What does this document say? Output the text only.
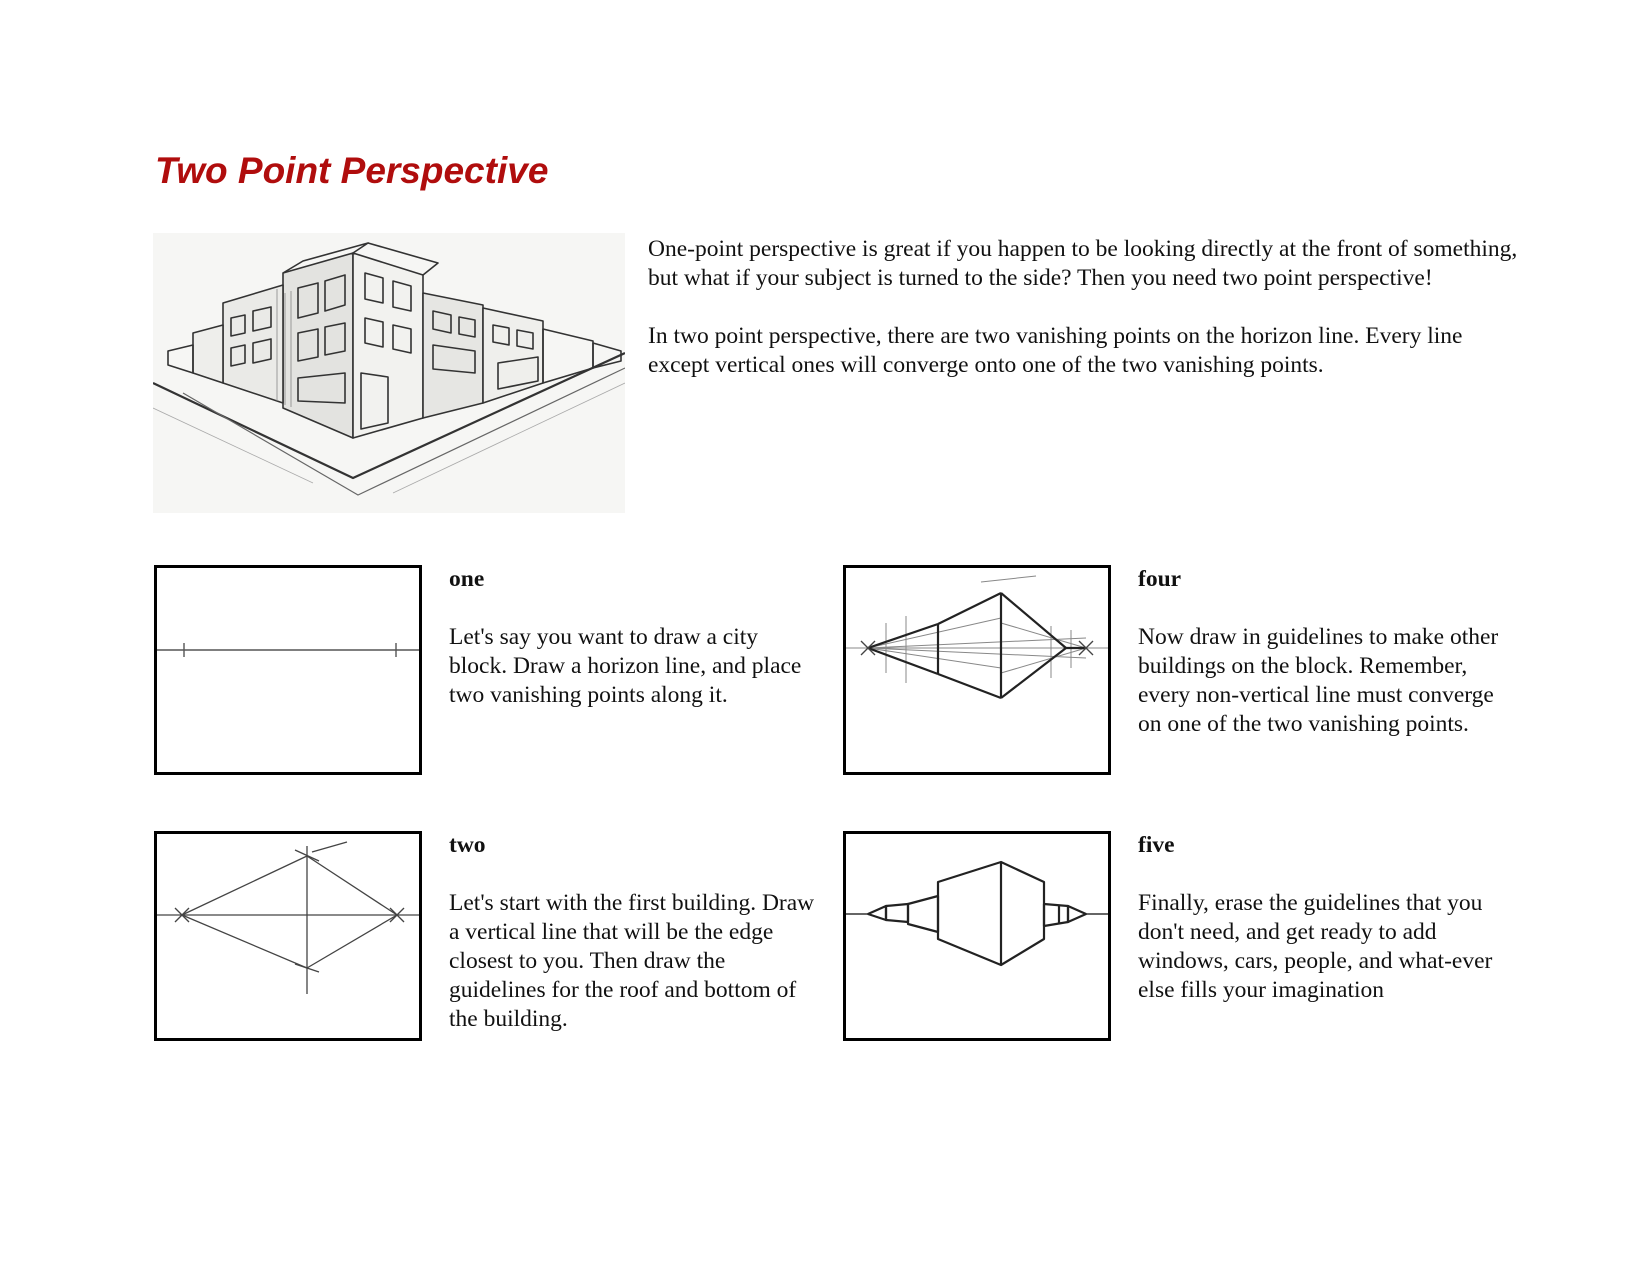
Two Point Perspective

One-point perspective is great if you happen to be looking directly at the front of something, but what if your subject is turned to the side? Then you need two point perspective!

In two point perspective, there are two vanishing points on the horizon line. Every line except vertical ones will converge onto one of the two vanishing points.

one

Let's say you want to draw a city block. Draw a horizon line, and place two vanishing points along it.

two

Let's start with the first building. Draw a vertical line that will be the edge closest to you. Then draw the guidelines for the roof and bottom of the building.

four

Now draw in guidelines to make other buildings on the block. Remember, every non-vertical line must converge on one of the two vanishing points.

five

Finally, erase the guidelines that you don't need, and get ready to add windows, cars, people, and what-ever else fills your imagination
